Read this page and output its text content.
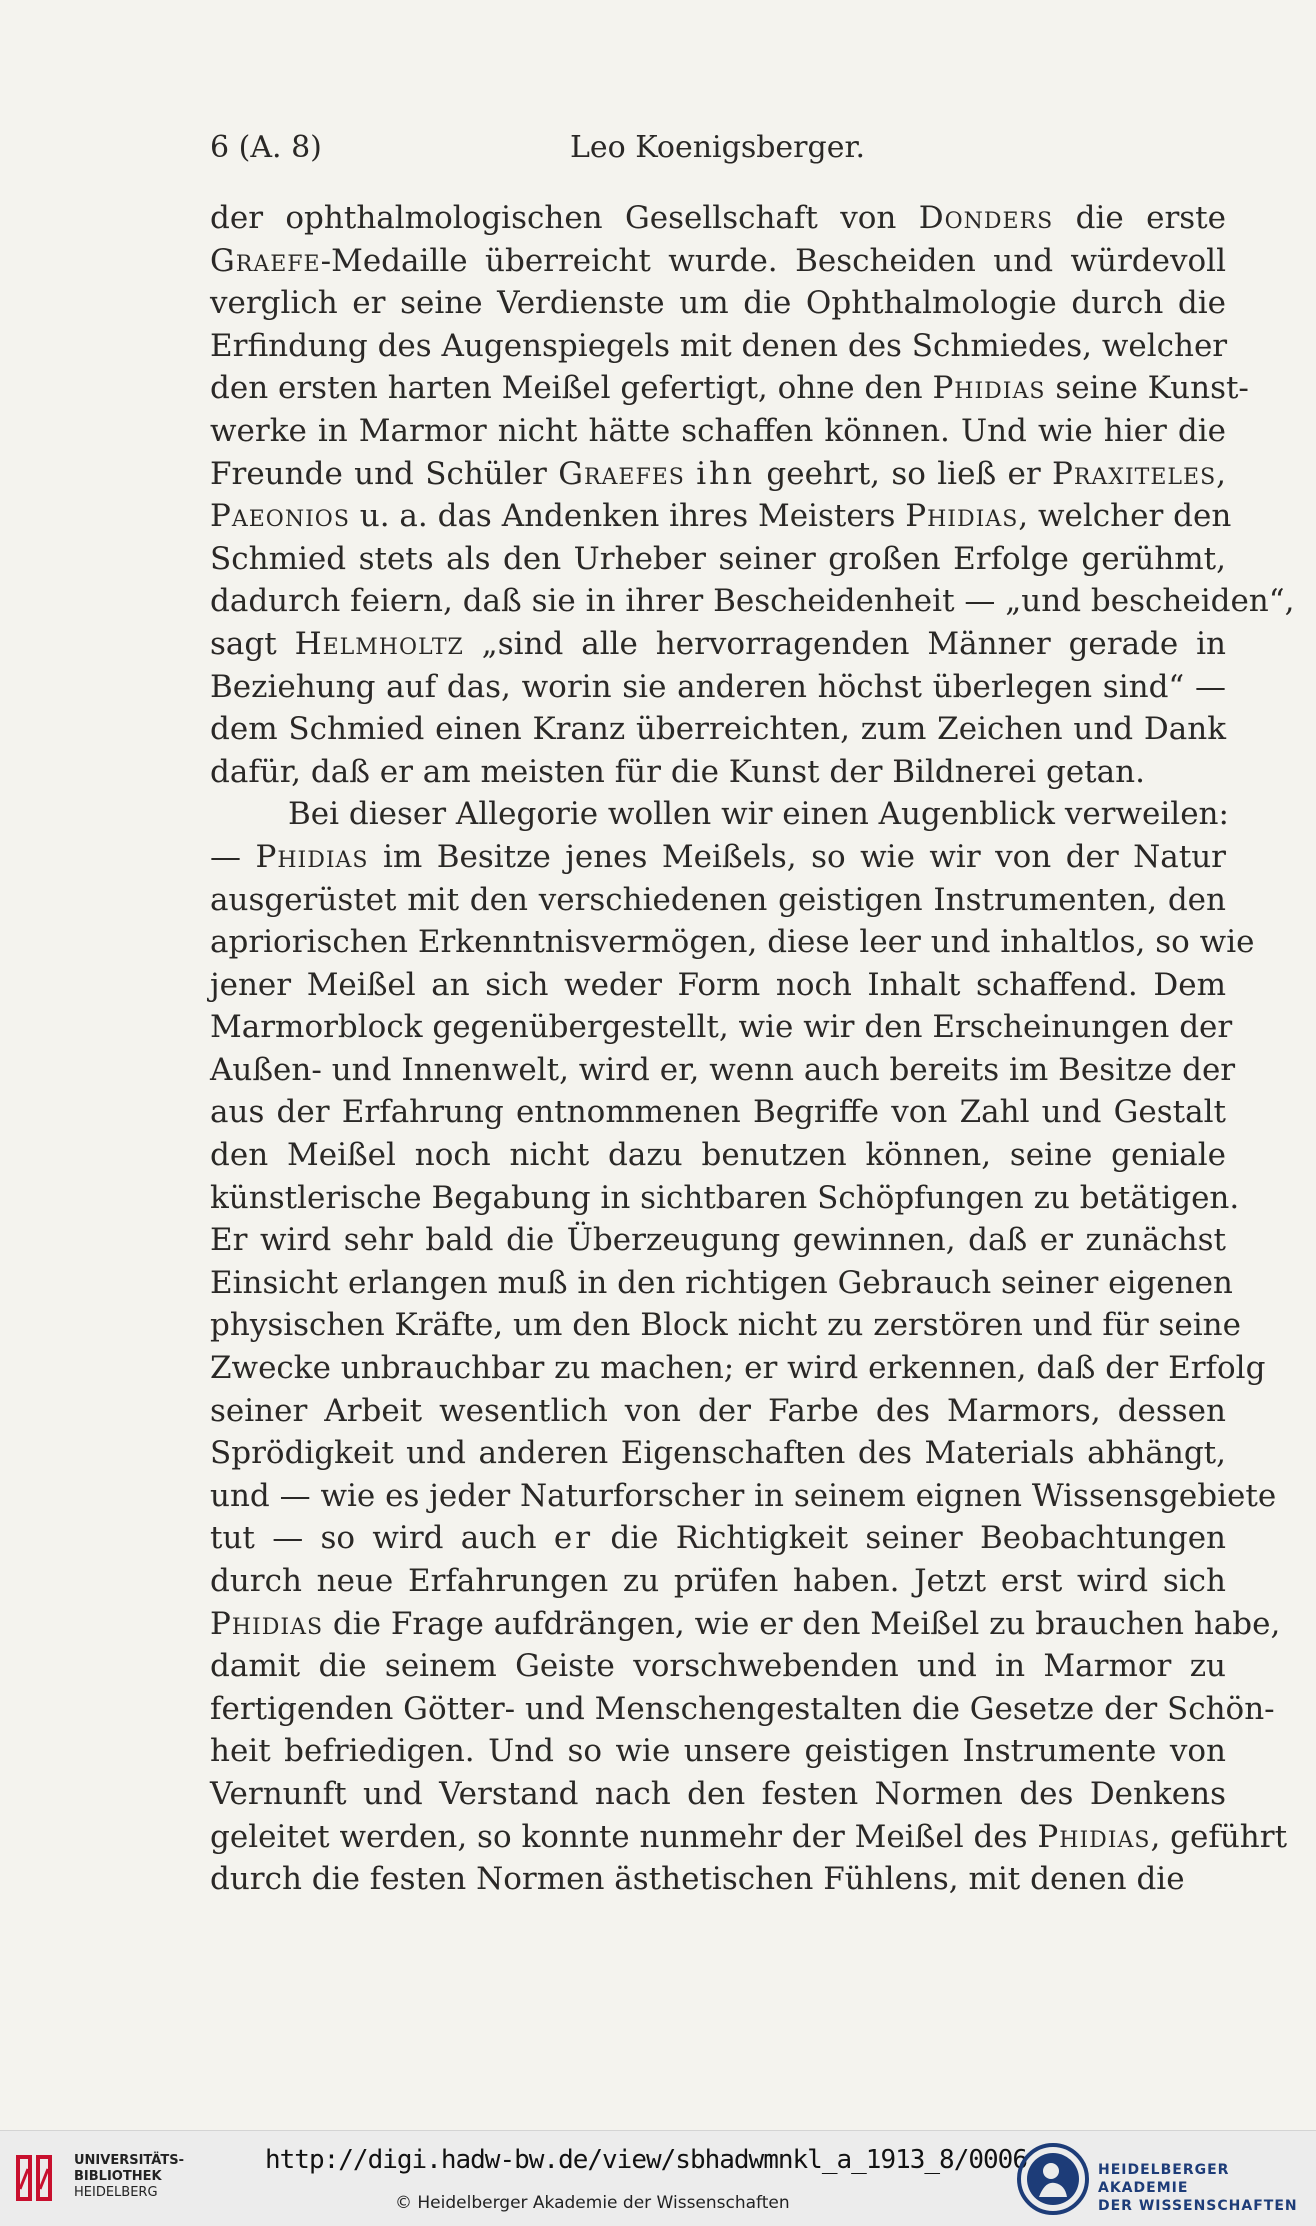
6 (A. 8)	Leo Koenigsberger.
der ophthalmologischen Gesellschaft von Donders die erste
Graefe-Medaille überreicht wurde. Bescheiden und würdevoll
verglich er seine Verdienste um die Ophthalmologie durch die
Erfindung des Augenspiegels mit denen des Schmiedes, welcher
den ersten harten Meißel gefertigt, ohne den Phidias seine Kunst-
werke in Marmor nicht hätte schaffen können. Und wie hier die
Freunde und Schüler Graefes ihn geehrt, so ließ er Praxiteles,
Paeonios u. a. das Andenken ihres Meisters Phidias, welcher den
Schmied stets als den Urheber seiner großen Erfolge gerühmt,
dadurch feiern, daß sie in ihrer Bescheidenheit — „und bescheiden“,
sagt Helmholtz „sind alle hervorragenden Männer gerade in
Beziehung auf das, worin sie anderen höchst überlegen sind“ —
dem Schmied einen Kranz überreichten, zum Zeichen und Dank
dafür, daß er am meisten für die Kunst der Bildnerei getan.
Bei dieser Allegorie wollen wir einen Augenblick verweilen:
— Phidias im Besitze jenes Meißels, so wie wir von der Natur
ausgerüstet mit den verschiedenen geistigen Instrumenten, den
apriorischen Erkenntnisvermögen, diese leer und inhaltlos, so wie
jener Meißel an sich weder Form noch Inhalt schaffend. Dem
Marmorblock gegenübergestellt, wie wir den Erscheinungen der
Außen- und Innenwelt, wird er, wenn auch bereits im Besitze der
aus der Erfahrung entnommenen Begriffe von Zahl und Gestalt
den Meißel noch nicht dazu benutzen können, seine geniale
künstlerische Begabung in sichtbaren Schöpfungen zu betätigen.
Er wird sehr bald die Überzeugung gewinnen, daß er zunächst
Einsicht erlangen muß in den richtigen Gebrauch seiner eigenen
physischen Kräfte, um den Block nicht zu zerstören und für seine
Zwecke unbrauchbar zu machen; er wird erkennen, daß der Erfolg
seiner Arbeit wesentlich von der Farbe des Marmors, dessen
Sprödigkeit und anderen Eigenschaften des Materials abhängt,
und — wie es jeder Naturforscher in seinem eignen Wissensgebiete
tut — so wird auch er die Richtigkeit seiner Beobachtungen
durch neue Erfahrungen zu prüfen haben. Jetzt erst wird sich
Phidias die Frage aufdrängen, wie er den Meißel zu brauchen habe,
damit die seinem Geiste vorschwebenden und in Marmor zu
fertigenden Götter- und Menschengestalten die Gesetze der Schön-
heit befriedigen. Und so wie unsere geistigen Instrumente von
Vernunft und Verstand nach den festen Normen des Denkens
geleitet werden, so konnte nunmehr der Meißel des Phidias, geführt
durch die festen Normen ästhetischen Fühlens, mit denen die
UNIVERSITÄTS-
BIBLIOTHEK
HEIDELBERG
http://digi.hadw-bw.de/view/sbhadwmnkl_a_1913_8/0006
© Heidelberger Akademie der Wissenschaften
HEIDELBERGER AKADEMIE
DER WISSENSCHAFTEN
